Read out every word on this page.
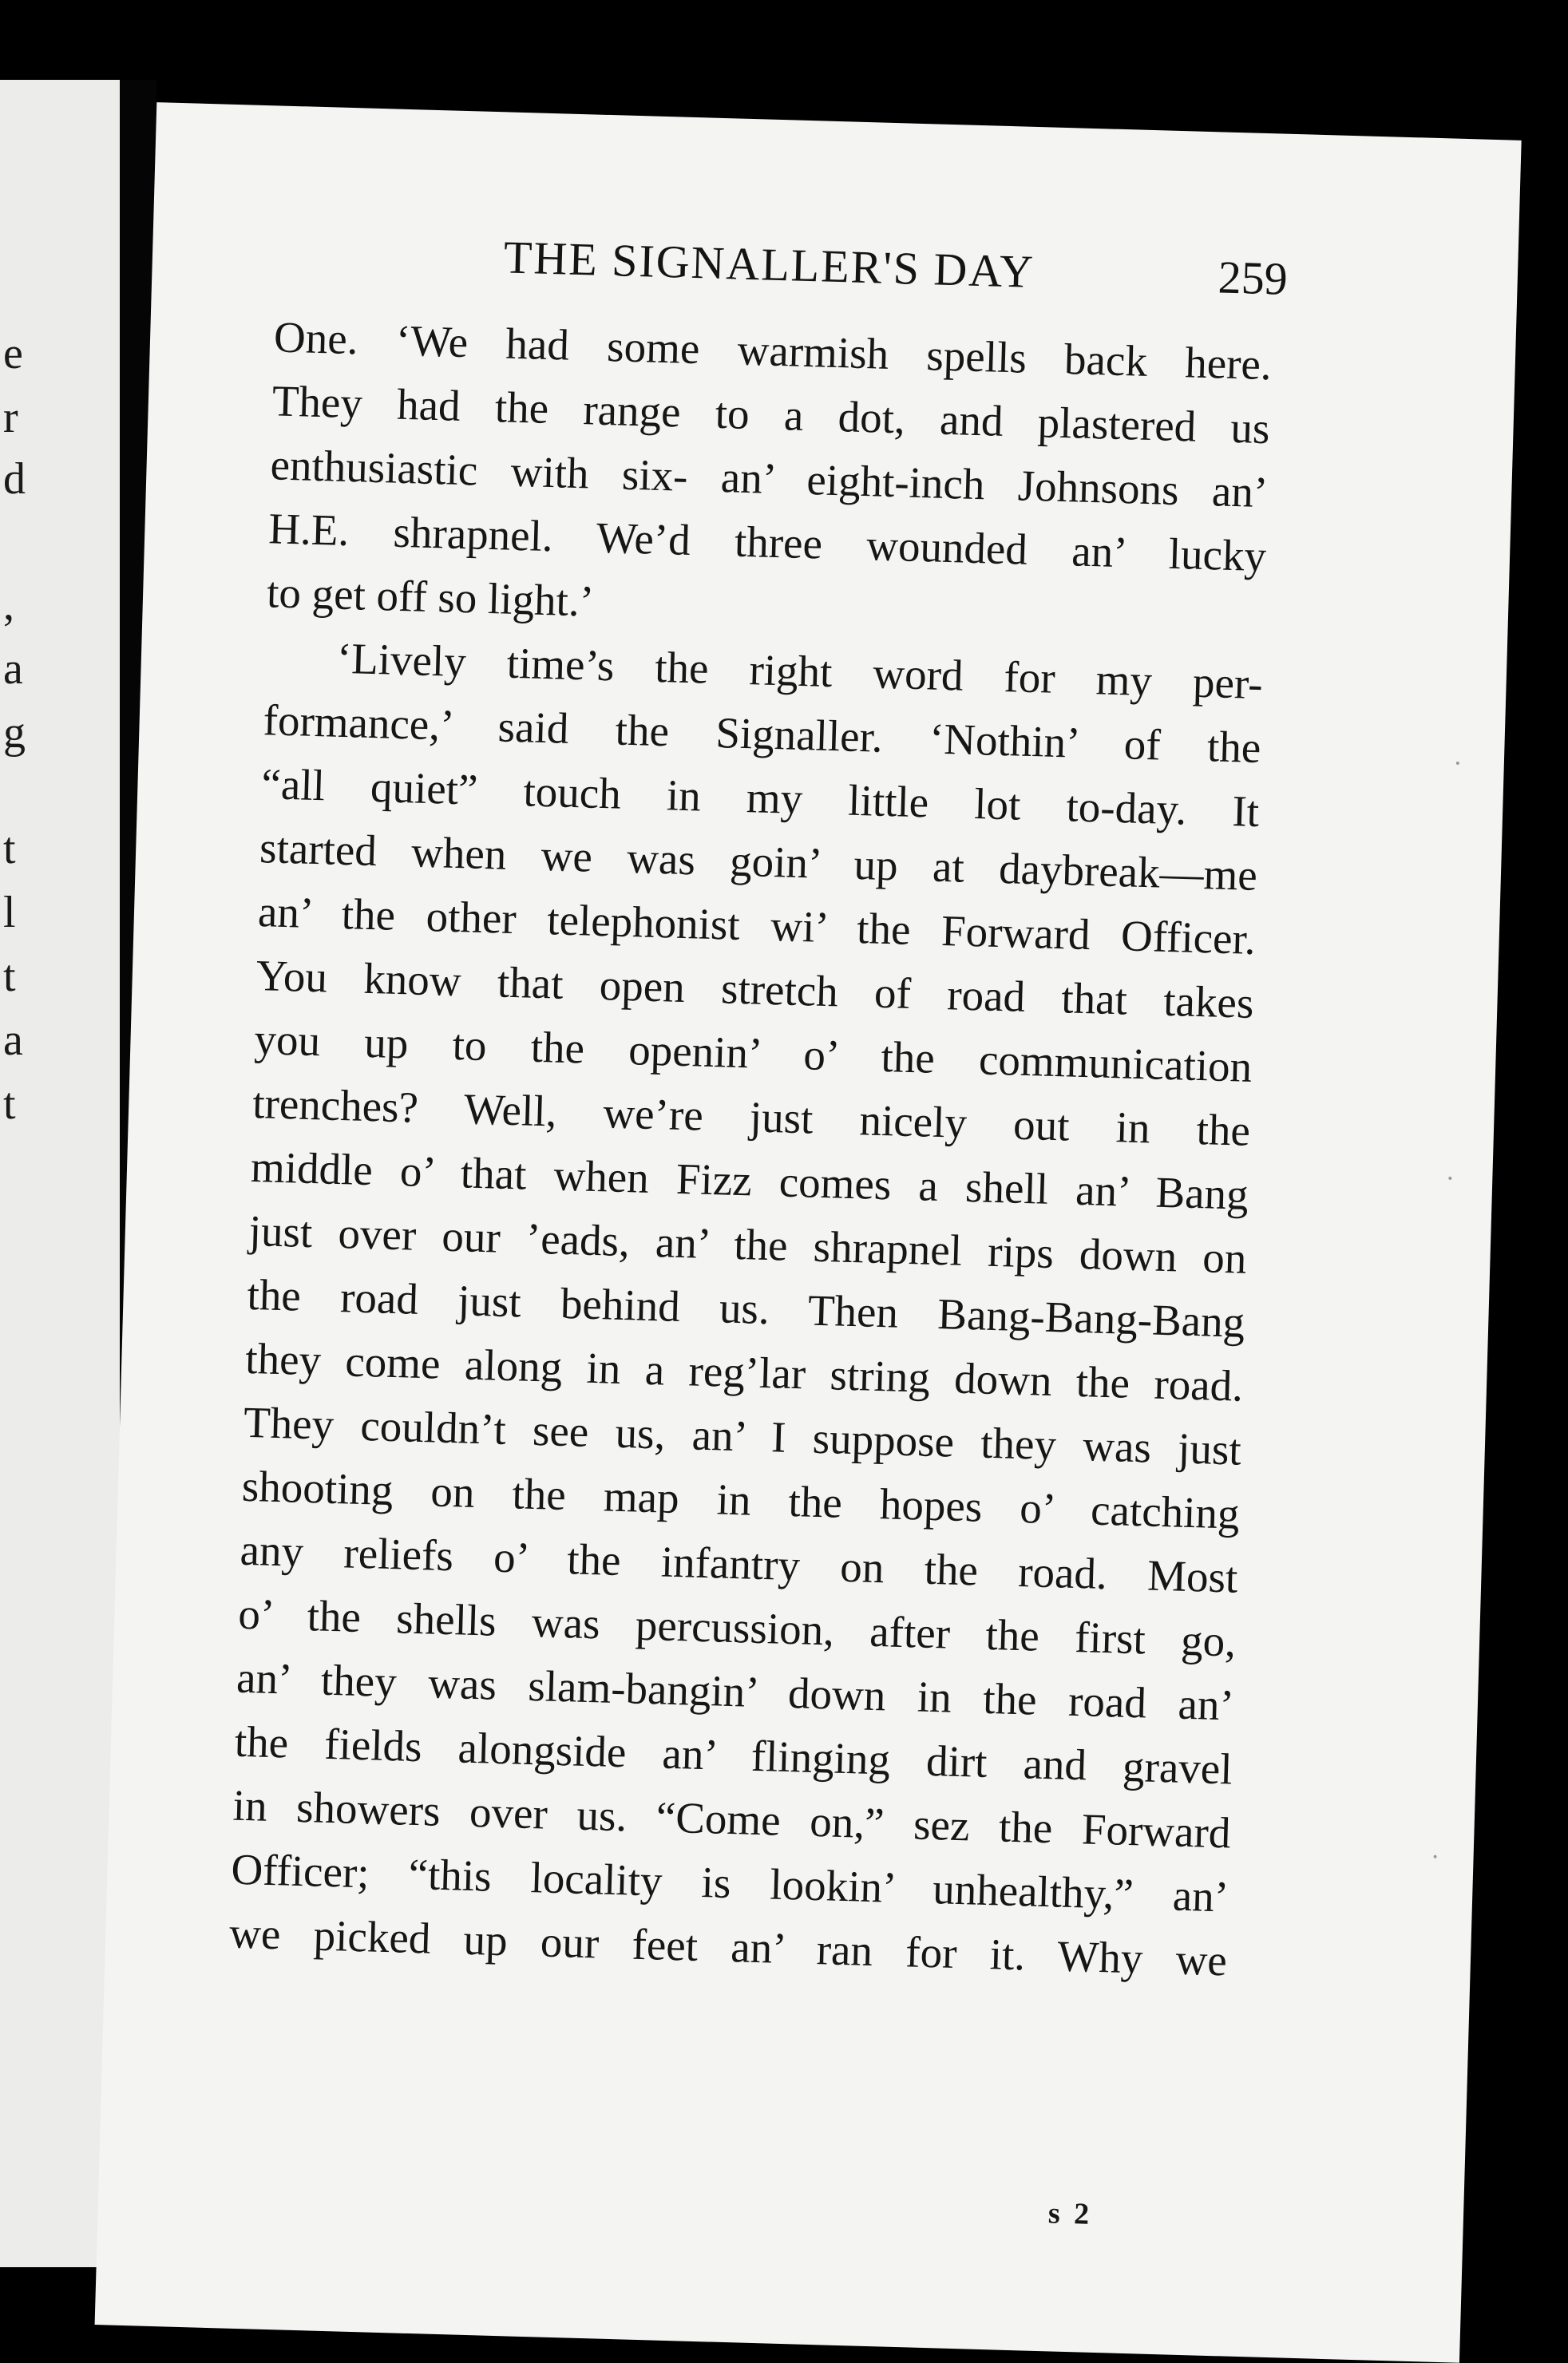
e
r
d
,
a
g
t
l
t
a
t
THE SIGNALLER'S DAY	259
One. ‘We had some warmish spells back here.
They had the range to a dot, and plastered us
enthusiastic with six- an’ eight-inch Johnsons an’
H.E. shrapnel. We’d three wounded an’ lucky
to get off so light.’
‘Lively time’s the right word for my per-
formance,’ said the Signaller. ‘Nothin’ of the
“all quiet” touch in my little lot to-day. It
started when we was goin’ up at daybreak—me
an’ the other telephonist wi’ the Forward Officer.
You know that open stretch of road that takes
you up to the openin’ o’ the communication
trenches? Well, we’re just nicely out in the
middle o’ that when Fizz comes a shell an’ Bang
just over our ’eads, an’ the shrapnel rips down on
the road just behind us. Then Bang-Bang-Bang
they come along in a reg’lar string down the road.
They couldn’t see us, an’ I suppose they was just
shooting on the map in the hopes o’ catching
any reliefs o’ the infantry on the road. Most
o’ the shells was percussion, after the first go,
an’ they was slam-bangin’ down in the road an’
the fields alongside an’ flinging dirt and gravel
in showers over us. “Come on,” sez the Forward
Officer; “this locality is lookin’ unhealthy,” an’
we picked up our feet an’ ran for it. Why we
s 2
